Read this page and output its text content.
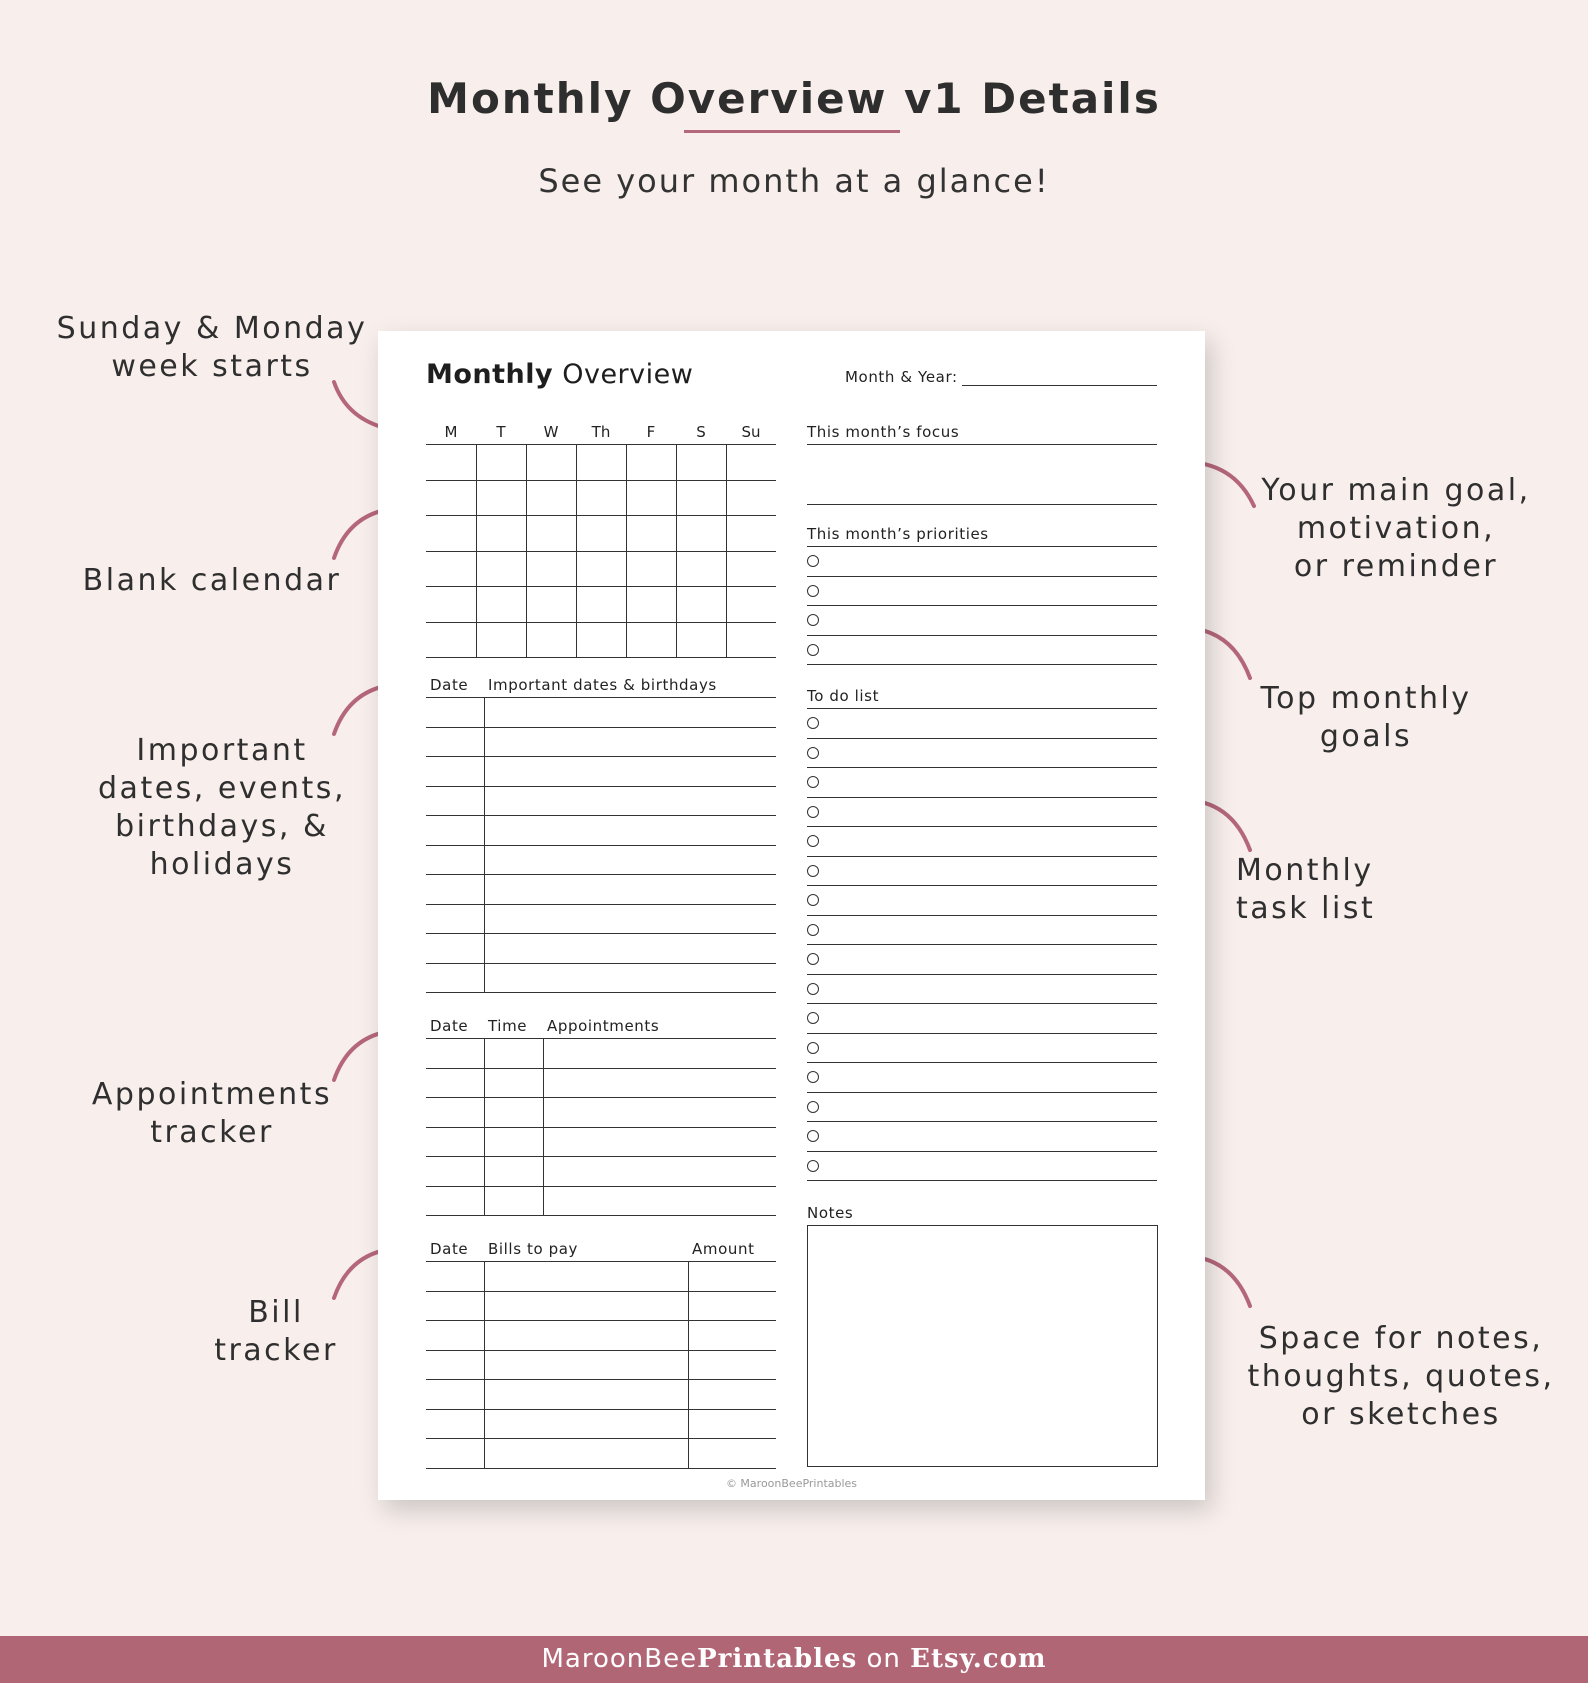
Monthly Overview v1 Details
See your month at a glance!
Sunday & Monday
week starts
Blank calendar
Important
dates, events,
birthdays, &
holidays
Appointments
tracker
Bill
tracker
Your main goal,
motivation,
or reminder
Top monthly
goals
Monthly
task list
Space for notes,
thoughts, quotes,
or sketches
Monthly Overview	Month & Year:
M	T	W	Th	F	S	Su
Date Important dates & birthdays
Date Time Appointments
Date Bills to pay	Amount
This month’s focus
This month’s priorities
To do list
Notes
© MaroonBeePrintables
MaroonBeePrintables on Etsy.com
